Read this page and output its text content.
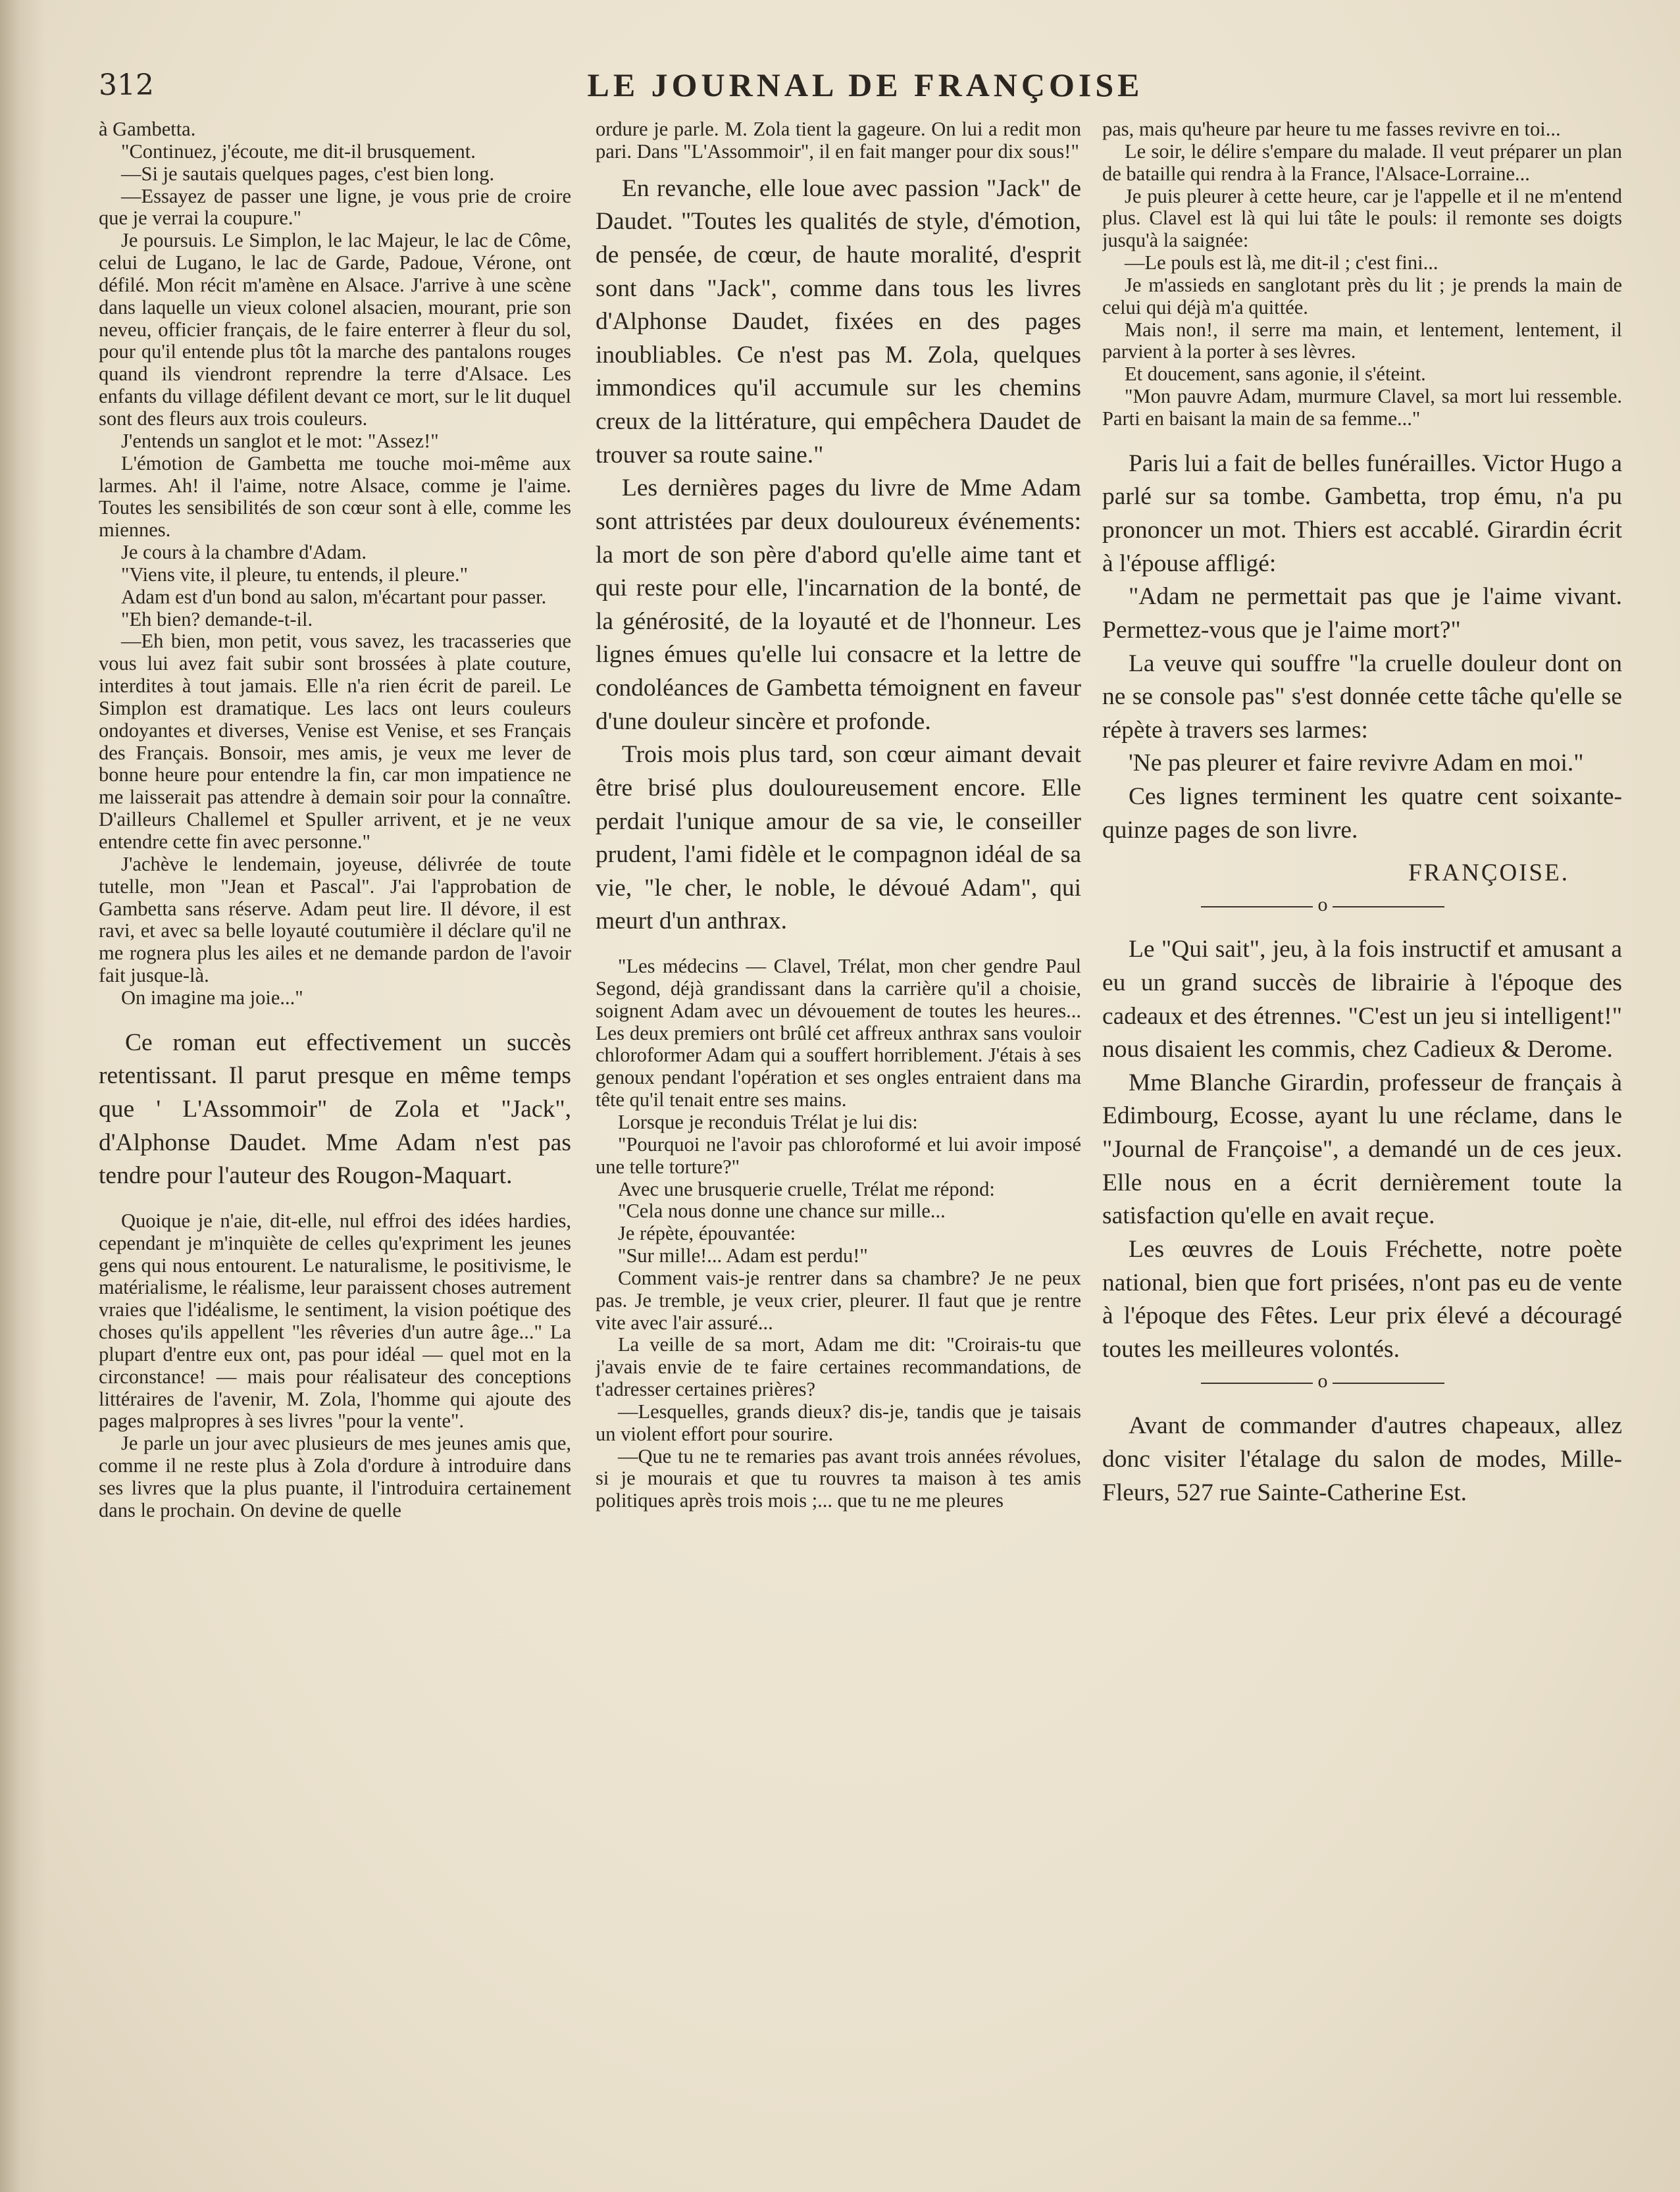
312	LE JOURNAL DE FRANÇOISE

à Gambetta.

"Continuez, j'écoute, me dit-il brusquement.

—Si je sautais quelques pages, c'est bien long.

—Essayez de passer une ligne, je vous prie de croire que je verrai la coupure."

Je poursuis. Le Simplon, le lac Majeur, le lac de Côme, celui de Lugano, le lac de Garde, Padoue, Vérone, ont défilé. Mon récit m'amène en Alsace. J'arrive à une scène dans laquelle un vieux colonel alsacien, mourant, prie son neveu, officier français, de le faire enterrer à fleur du sol, pour qu'il entende plus tôt la marche des pantalons rouges quand ils viendront reprendre la terre d'Alsace. Les enfants du village défilent devant ce mort, sur le lit duquel sont des fleurs aux trois couleurs.

J'entends un sanglot et le mot: "Assez!"

L'émotion de Gambetta me touche moi-même aux larmes. Ah! il l'aime, notre Alsace, comme je l'aime. Toutes les sensibilités de son cœur sont à elle, comme les miennes.

Je cours à la chambre d'Adam.

"Viens vite, il pleure, tu entends, il pleure."

Adam est d'un bond au salon, m'écartant pour passer.

"Eh bien? demande-t-il.

—Eh bien, mon petit, vous savez, les tracasseries que vous lui avez fait subir sont brossées à plate couture, interdites à tout jamais. Elle n'a rien écrit de pareil. Le Simplon est dramatique. Les lacs ont leurs couleurs ondoyantes et diverses, Venise est Venise, et ses Français des Français. Bonsoir, mes amis, je veux me lever de bonne heure pour entendre la fin, car mon impatience ne me laisserait pas attendre à demain soir pour la connaître. D'ailleurs Challemel et Spuller arrivent, et je ne veux entendre cette fin avec personne."

J'achève le lendemain, joyeuse, délivrée de toute tutelle, mon "Jean et Pascal". J'ai l'approbation de Gambetta sans réserve. Adam peut lire. Il dévore, il est ravi, et avec sa belle loyauté coutumière il déclare qu'il ne me rognera plus les ailes et ne demande pardon de l'avoir fait jusque-là.

On imagine ma joie..."

Ce roman eut effectivement un succès retentissant. Il parut presque en même temps que ' L'Assommoir" de Zola et "Jack", d'Alphonse Daudet. Mme Adam n'est pas tendre pour l'auteur des Rougon-Maquart.

Quoique je n'aie, dit-elle, nul effroi des idées hardies, cependant je m'inquiète de celles qu'expriment les jeunes gens qui nous entourent. Le naturalisme, le positivisme, le matérialisme, le réalisme, leur paraissent choses autrement vraies que l'idéalisme, le sentiment, la vision poétique des choses qu'ils appellent "les rêveries d'un autre âge..." La plupart d'entre eux ont, pas pour idéal — quel mot en la circonstance! — mais pour réalisateur des conceptions littéraires de l'avenir, M. Zola, l'homme qui ajoute des pages malpropres à ses livres "pour la vente".

Je parle un jour avec plusieurs de mes jeunes amis que, comme il ne reste plus à Zola d'ordure à introduire dans ses livres que la plus puante, il l'introduira certainement dans le prochain. On devine de quelle

ordure je parle. M. Zola tient la gageure. On lui a redit mon pari. Dans "L'Assommoir", il en fait manger pour dix sous!"

En revanche, elle loue avec passion "Jack" de Daudet. "Toutes les qualités de style, d'émotion, de pensée, de cœur, de haute moralité, d'esprit sont dans "Jack", comme dans tous les livres d'Alphonse Daudet, fixées en des pages inoubliables. Ce n'est pas M. Zola, quelques immondices qu'il accumule sur les chemins creux de la littérature, qui empêchera Daudet de trouver sa route saine."

Les dernières pages du livre de Mme Adam sont attristées par deux douloureux événements: la mort de son père d'abord qu'elle aime tant et qui reste pour elle, l'incarnation de la bonté, de la générosité, de la loyauté et de l'honneur. Les lignes émues qu'elle lui consacre et la lettre de condoléances de Gambetta témoignent en faveur d'une douleur sincère et profonde.

Trois mois plus tard, son cœur aimant devait être brisé plus douloureusement encore. Elle perdait l'unique amour de sa vie, le conseiller prudent, l'ami fidèle et le compagnon idéal de sa vie, "le cher, le noble, le dévoué Adam", qui meurt d'un anthrax.

"Les médecins — Clavel, Trélat, mon cher gendre Paul Segond, déjà grandissant dans la carrière qu'il a choisie, soignent Adam avec un dévouement de toutes les heures... Les deux premiers ont brûlé cet affreux anthrax sans vouloir chloroformer Adam qui a souffert horriblement. J'étais à ses genoux pendant l'opération et ses ongles entraient dans ma tête qu'il tenait entre ses mains.

Lorsque je reconduis Trélat je lui dis:

"Pourquoi ne l'avoir pas chloroformé et lui avoir imposé une telle torture?"

Avec une brusquerie cruelle, Trélat me répond:

"Cela nous donne une chance sur mille...

Je répète, épouvantée:

"Sur mille!... Adam est perdu!"

Comment vais-je rentrer dans sa chambre? Je ne peux pas. Je tremble, je veux crier, pleurer. Il faut que je rentre vite avec l'air assuré...

La veille de sa mort, Adam me dit: "Croirais-tu que j'avais envie de te faire certaines recommandations, de t'adresser certaines prières?

—Lesquelles, grands dieux? dis-je, tandis que je taisais un violent effort pour sourire.

—Que tu ne te remaries pas avant trois années révolues, si je mourais et que tu rouvres ta maison à tes amis politiques après trois mois ;... que tu ne me pleures

pas, mais qu'heure par heure tu me fasses revivre en toi...

Le soir, le délire s'empare du malade. Il veut préparer un plan de bataille qui rendra à la France, l'Alsace-Lorraine...

Je puis pleurer à cette heure, car je l'appelle et il ne m'entend plus. Clavel est là qui lui tâte le pouls: il remonte ses doigts jusqu'à la saignée:

—Le pouls est là, me dit-il ; c'est fini...

Je m'assieds en sanglotant près du lit ; je prends la main de celui qui déjà m'a quittée.

Mais non!, il serre ma main, et lentement, lentement, il parvient à la porter à ses lèvres.

Et doucement, sans agonie, il s'éteint.

"Mon pauvre Adam, murmure Clavel, sa mort lui ressemble. Parti en baisant la main de sa femme..."

Paris lui a fait de belles funérailles. Victor Hugo a parlé sur sa tombe. Gambetta, trop ému, n'a pu prononcer un mot. Thiers est accablé. Girardin écrit à l'épouse affligé:

"Adam ne permettait pas que je l'aime vivant. Permettez-vous que je l'aime mort?"

La veuve qui souffre "la cruelle douleur dont on ne se console pas" s'est donnée cette tâche qu'elle se répète à travers ses larmes:

'Ne pas pleurer et faire revivre Adam en moi."

Ces lignes terminent les quatre cent soixante-quinze pages de son livre.

FRANÇOISE.
o

Le "Qui sait", jeu, à la fois instructif et amusant a eu un grand succès de librairie à l'époque des cadeaux et des étrennes. "C'est un jeu si intelligent!" nous disaient les commis, chez Cadieux & Derome.

Mme Blanche Girardin, professeur de français à Edimbourg, Ecosse, ayant lu une réclame, dans le "Journal de Françoise", a demandé un de ces jeux. Elle nous en a écrit dernièrement toute la satisfaction qu'elle en avait reçue.

Les œuvres de Louis Fréchette, notre poète national, bien que fort prisées, n'ont pas eu de vente à l'époque des Fêtes. Leur prix élevé a découragé toutes les meilleures volontés.

o

Avant de commander d'autres chapeaux, allez donc visiter l'étalage du salon de modes, Mille-Fleurs, 527 rue Sainte-Catherine Est.
